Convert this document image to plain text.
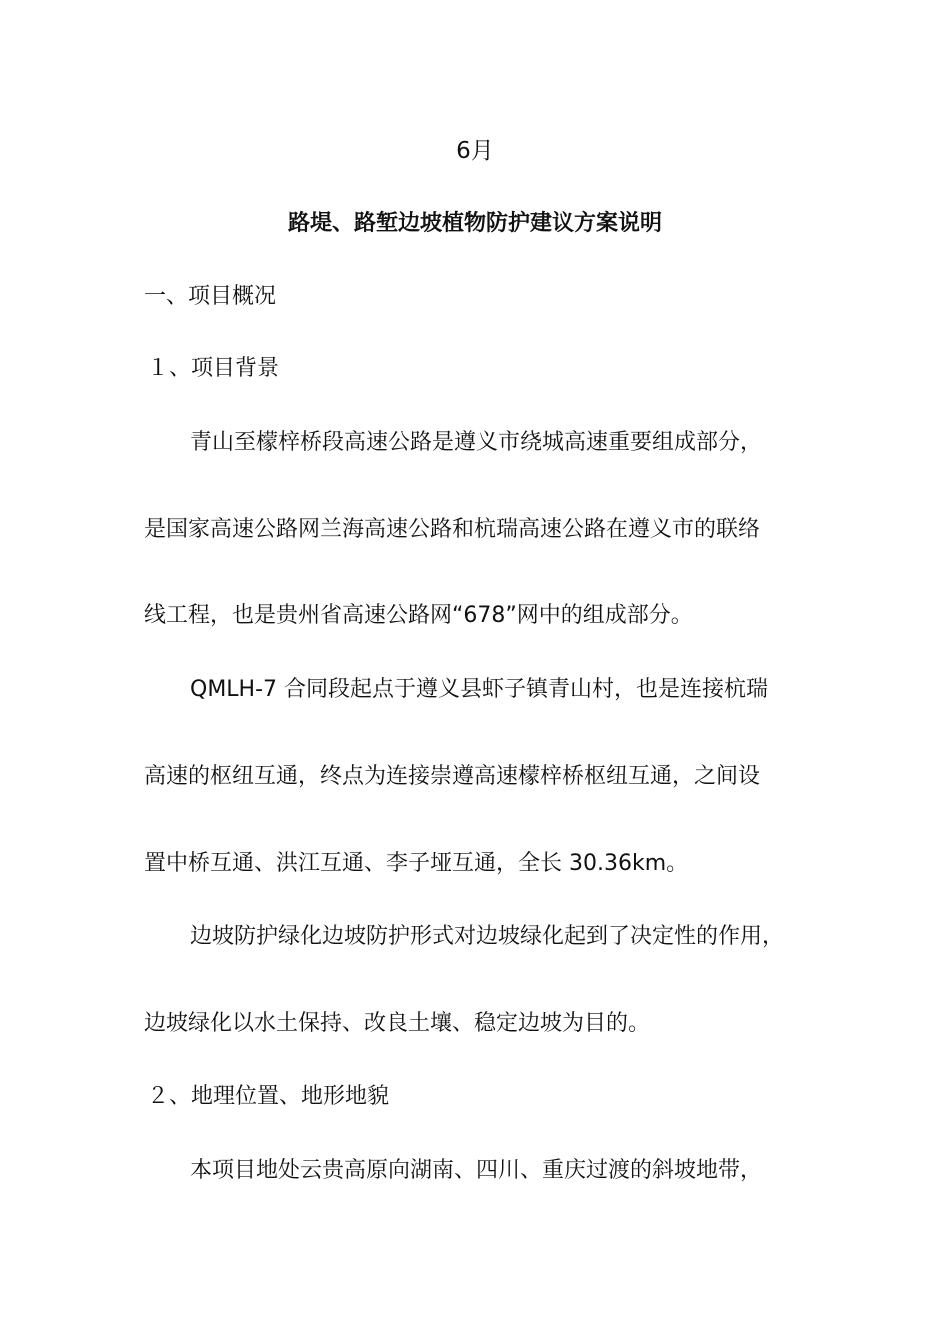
6月
路堤、路堑边坡植物防护建议方案说明
一、项目概况
１、项目背景
青山至檬梓桥段高速公路是遵义市绕城高速重要组成部分，
是国家高速公路网兰海高速公路和杭瑞高速公路在遵义市的联络
线工程，也是贵州省高速公路网“678”网中的组成部分。
QMLH-7 合同段起点于遵义县虾子镇青山村，也是连接杭瑞
高速的枢纽互通，终点为连接崇遵高速檬梓桥枢纽互通，之间设
置中桥互通、洪江互通、李子垭互通，全长 30.36km。
边坡防护绿化边坡防护形式对边坡绿化起到了决定性的作用，
边坡绿化以水土保持、改良土壤、稳定边坡为目的。
２、地理位置、地形地貌
本项目地处云贵高原向湖南、四川、重庆过渡的斜坡地带，
